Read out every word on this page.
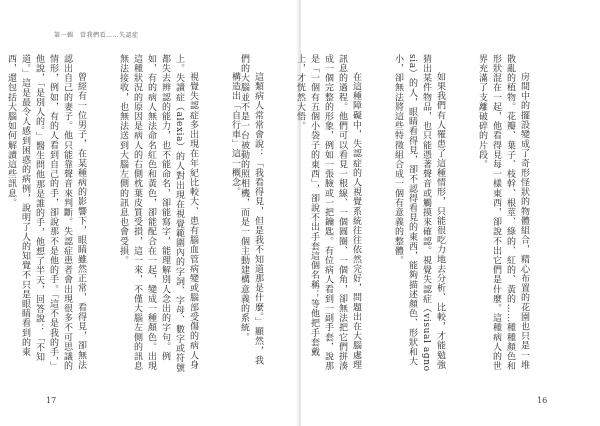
第一輯　當我們看……失認症

構造出「自行車」這一概念。

視覺失認症多出現在年紀比較大、患有腦血管病變或腦部受傷的病人身上。失讀症（alexia）的人對出現在視覺範圍內的字詞、字母、數字或符號都失去辨認的能力，也不能命名，卻能寫字，能理解別人念出的字句。例如，有的病人無法命名紅色和黃色，卻能配合在一起，變成一種顏色。出現這種狀況的原因是病人的右側枕葉皮質受損，這一來，不僅大腦左側的訊息無法接收，也無法送到大腦左側的訊息也會受損。

曾經有一位男子，在某種病的影響下，眼睛雖然正常，看得見，卻無法認出自己的妻子。他只能靠聲音來判斷。失認症患者會出現很多不可思議的情形，例如，有的人看到自己的手，卻說那不是他的手。「這不是我的手，」他說，「是別人的。」醫生問他那是誰的手，他想了半天，回答說：「不知道。」這是最令人感到困惑的病例，說明了人的知覺不只是眼睛看到的東西，還包括大腦如何解讀這些訊息。

17

房間中的擺設變成了奇形怪狀的物體組合，精心布置的花園也只是一堆散亂的植物。花瓣、葉子、枝幹、根莖、綠的、紅的、黃的……種種顏色和形狀混在一起，他看得見每一樣東西，卻說不出它們是什麼。這種病人的世界充滿了支離破碎的片段。

如果我們有人罹患了這種情形，只能很吃力地去分析、比較，才能勉強猜出某件物品，也只能憑著聲音或觸摸來確認。視覺失認症（visual agnosia）的人，眼睛看得見，卻不認得看見的東西，能夠描述顏色、形狀和大小，卻無法將這些特徵組合成一個有意義的整體。

在這種障礙中，失認症的人視覺系統往往依然完好，問題出在大腦處理訊息的過程。他們可以看見一根線、一個圓圈、一個角，卻無法把它們拼湊成一個完整的形象，例如一張臉或一把鑰匙。有位病人看到一副手套，說那是「一個有五個小袋子的東西」，卻說不出手套這個名稱；等他把手套戴上，才恍然大悟。

這類病人常常會說：「我看得見，但是我不知道那是什麼。」顯然，我們的大腦並不是一台被動的照相機，而是一個主動建構意義的系統。

16
